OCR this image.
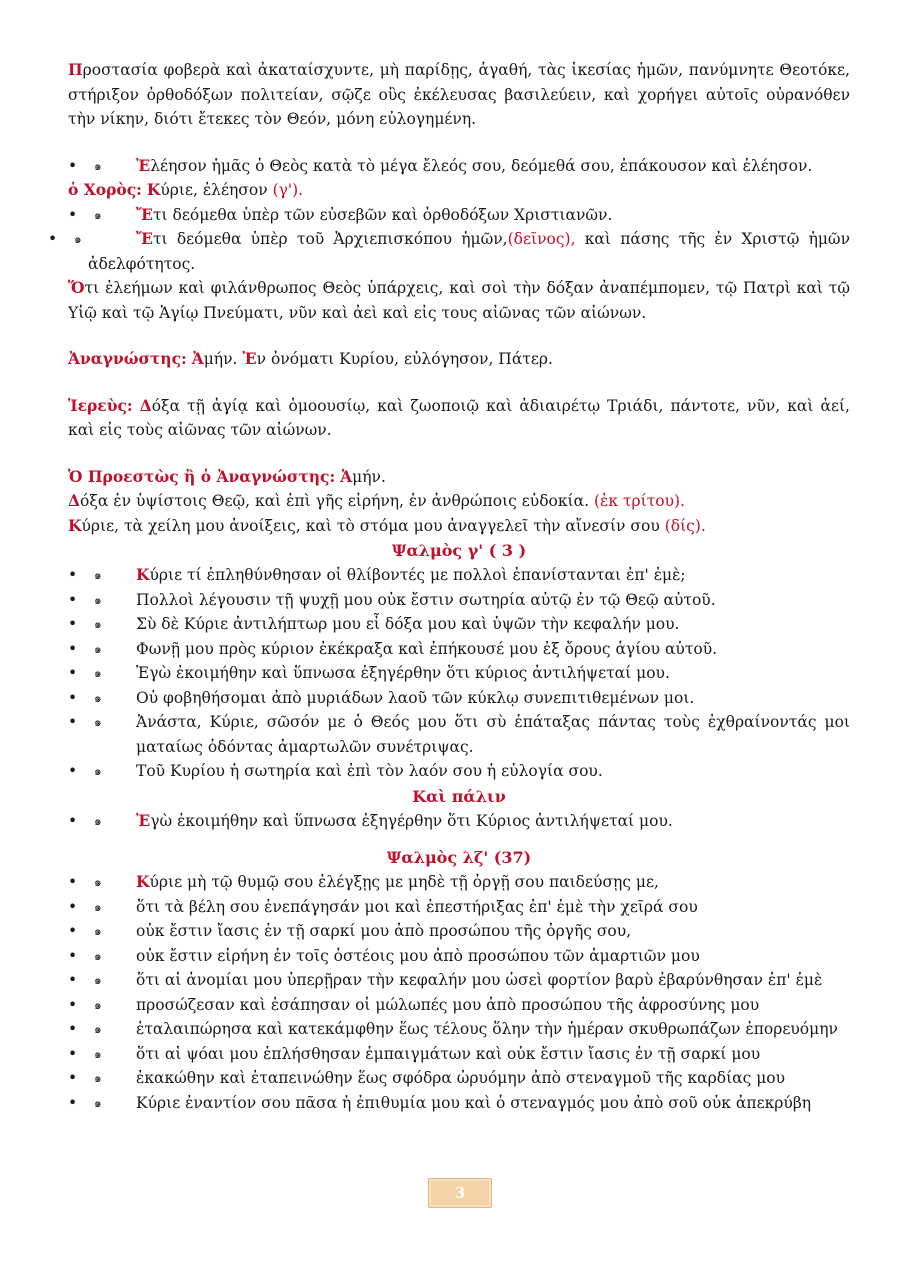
Προστασία φοβερὰ καὶ ἀκαταίσχυντε, μὴ παρίδῃς, ἀγαθή, τὰς ἱκεσίας ἡμῶν, πανύμνητε Θεοτόκε, στήριξον ὀρθοδόξων πολιτείαν, σῷζε οὓς ἐκέλευσας βασιλεύειν, καὶ χορήγει αὐτοῖς οὐρανόθεν τὴν νίκην, διότι ἔτεκες τὸν Θεόν, μόνη εὐλογημένη.
• ๑ Ἐλέησον ἡμᾶς ὁ Θεὸς κατὰ τὸ μέγα ἔλεός σου, δεόμεθά σου, ἐπάκουσον καὶ ἐλέησον.
ὁ Χορὸς: Κύριε, ἐλέησον (γ').
• ๑ Ἔτι δεόμεθα ὑπὲρ τῶν εὐσεβῶν καὶ ὀρθοδόξων Χριστιανῶν.
• ๑	Ἔτι δεόμεθα ὑπὲρ τοῦ Ἀρχιεπισκόπου ἡμῶν,(δεῖνος), καὶ πάσης τῆς ἐν Χριστῷ ἡμῶν ἀδελφότητος.
Ὅτι ἐλεήμων καὶ φιλάνθρωπος Θεὸς ὑπάρχεις, καὶ σοὶ τὴν δόξαν ἀναπέμπομεν, τῷ Πατρὶ καὶ τῷ Υἱῷ καὶ τῷ Ἁγίῳ Πνεύματι, νῦν καὶ ἀεὶ καὶ εἰς τους αἰῶνας τῶν αἰώνων.
Ἀναγνώστης: Ἀμήν. Ἐν ὀνόματι Κυρίου, εὐλόγησον, Πάτερ.
Ἱερεὺς: Δόξα τῇ ἁγίᾳ καὶ ὁμοουσίῳ, καὶ ζωοποιῷ καὶ ἀδιαιρέτῳ Τριάδι, πάντοτε, νῦν, καὶ ἀεί, καὶ εἰς τοὺς αἰῶνας τῶν αἰώνων.
Ὁ Προεστὼς ἢ ὁ Ἀναγνώστης: Ἀμήν.
Δόξα ἐν ὑψίστοις Θεῷ, καὶ ἐπὶ γῆς εἰρήνη, ἐν ἀνθρώποις εὐδοκία. (ἐκ τρίτου).
Κύριε, τὰ χείλη μου ἀνοίξεις, καὶ τὸ στόμα μου ἀναγγελεῖ τὴν αἴνεσίν σου (δίς).
Ψαλμὸς γ' ( 3 )
• ๑ Κύριε τί ἐπληθύνθησαν οἱ θλίβοντές με πολλοὶ ἐπανίστανται ἐπ' ἐμὲ;
• ๑ Πολλοὶ λέγουσιν τῇ ψυχῇ μου οὐκ ἔστιν σωτηρία αὐτῷ ἐν τῷ Θεῷ αὐτοῦ.
• ๑ Σὺ δὲ Κύριε ἀντιλήπτωρ μου εἶ δόξα μου καὶ ὑψῶν τὴν κεφαλήν μου.
• ๑ Φωνῇ μου πρὸς κύριον ἐκέκραξα καὶ ἐπήκουσέ μου ἐξ ὄρους ἁγίου αὐτοῦ.
• ๑ Ἐγὼ ἐκοιμήθην καὶ ὕπνωσα ἐξηγέρθην ὅτι κύριος ἀντιλήψεταί μου.
• ๑ Οὐ φοβηθήσομαι ἀπὸ μυριάδων λαοῦ τῶν κύκλῳ συνεπιτιθεμένων μοι.
• ๑ Ἀνάστα, Κύριε, σῶσόν με ὁ Θεός μου ὅτι σὺ ἐπάταξας πάντας τοὺς ἐχθραίνοντάς μοι ματαίως ὀδόντας ἁμαρτωλῶν συνέτριψας.
• ๑ Τοῦ Κυρίου ἡ σωτηρία καὶ ἐπὶ τὸν λαόν σου ἡ εὐλογία σου.
Καὶ πάλιν
• ๑ Ἐγὼ ἐκοιμήθην καὶ ὕπνωσα ἐξηγέρθην ὅτι Κύριος ἀντιλήψεταί μου.
Ψαλμὸς λζ' (37)
• ๑ Κύριε μὴ τῷ θυμῷ σου ἐλέγξῃς με μηδὲ τῇ ὀργῇ σου παιδεύσῃς με,
• ๑ ὅτι τὰ βέλη σου ἐνεπάγησάν μοι καὶ ἐπεστήριξας ἐπ' ἐμὲ τὴν χεῖρά σου
• ๑ οὐκ ἔστιν ἴασις ἐν τῇ σαρκί μου ἀπὸ προσώπου τῆς ὀργῆς σου,
• ๑ οὐκ ἔστιν εἰρήνη ἐν τοῖς ὀστέοις μου ἀπὸ προσώπου τῶν ἁμαρτιῶν μου
• ๑ ὅτι αἱ ἀνομίαι μου ὑπερῇραν τὴν κεφαλήν μου ὡσεὶ φορτίον βαρὺ ἐβαρύνθησαν ἐπ' ἐμὲ
• ๑ προσώζεσαν καὶ ἐσάπησαν οἱ μώλωπές μου ἀπὸ προσώπου τῆς ἀφροσύνης μου
• ๑ ἐταλαιπώρησα καὶ κατεκάμφθην ἕως τέλους ὅλην τὴν ἡμέραν σκυθρωπάζων ἐπορευόμην
• ๑ ὅτι αἱ ψόαι μου ἐπλήσθησαν ἐμπαιγμάτων καὶ οὐκ ἔστιν ἴασις ἐν τῇ σαρκί μου
• ๑ ἐκακώθην καὶ ἐταπεινώθην ἕως σφόδρα ὠρυόμην ἀπὸ στεναγμοῦ τῆς καρδίας μου
• ๑ Κύριε ἐναντίον σου πᾶσα ἡ ἐπιθυμία μου καὶ ὁ στεναγμός μου ἀπὸ σοῦ οὐκ ἀπεκρύβη
3
